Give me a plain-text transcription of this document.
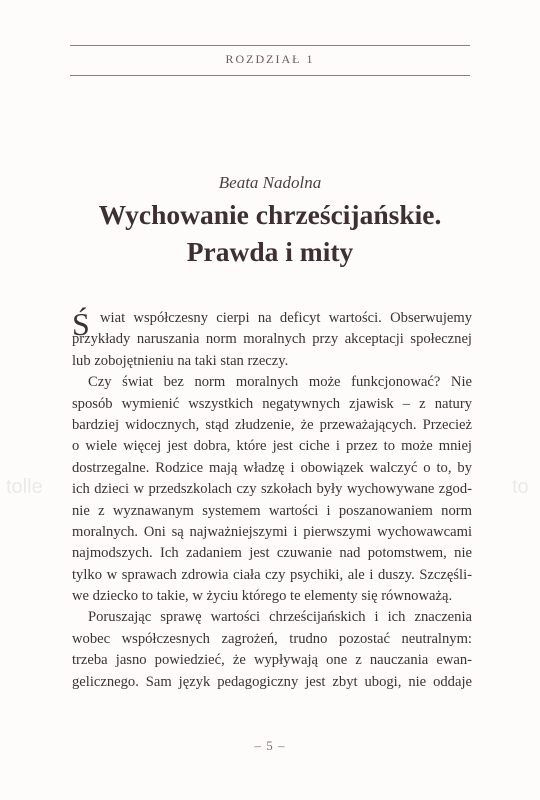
ROZDZIAŁ 1
Beata Nadolna
Wychowanie chrześcijańskie.
Prawda i mity
tolle	to
Ś wiat współczesny cierpi na deficyt wartości. Obserwujemy
przykłady naruszania norm moralnych przy akceptacji społecznej
lub zobojętnieniu na taki stan rzeczy.
Czy świat bez norm moralnych może funkcjonować? Nie
sposób wymienić wszystkich negatywnych zjawisk – z natury
bardziej widocznych, stąd złudzenie, że przeważających. Przecież
o wiele więcej jest dobra, które jest ciche i przez to może mniej
dostrzegalne. Rodzice mają władzę i obowiązek walczyć o to, by
ich dzieci w przedszkolach czy szkołach były wychowywane zgod-
nie z wyznawanym systemem wartości i poszanowaniem norm
moralnych. Oni są najważniejszymi i pierwszymi wychowawcami
najmodszych. Ich zadaniem jest czuwanie nad potomstwem, nie
tylko w sprawach zdrowia ciała czy psychiki, ale i duszy. Szczęśli-
we dziecko to takie, w życiu którego te elementy się równoważą.
Poruszając sprawę wartości chrześcijańskich i ich znaczenia
wobec współczesnych zagrożeń, trudno pozostać neutralnym:
trzeba jasno powiedzieć, że wypływają one z nauczania ewan-
gelicznego. Sam język pedagogiczny jest zbyt ubogi, nie oddaje
– 5 –
